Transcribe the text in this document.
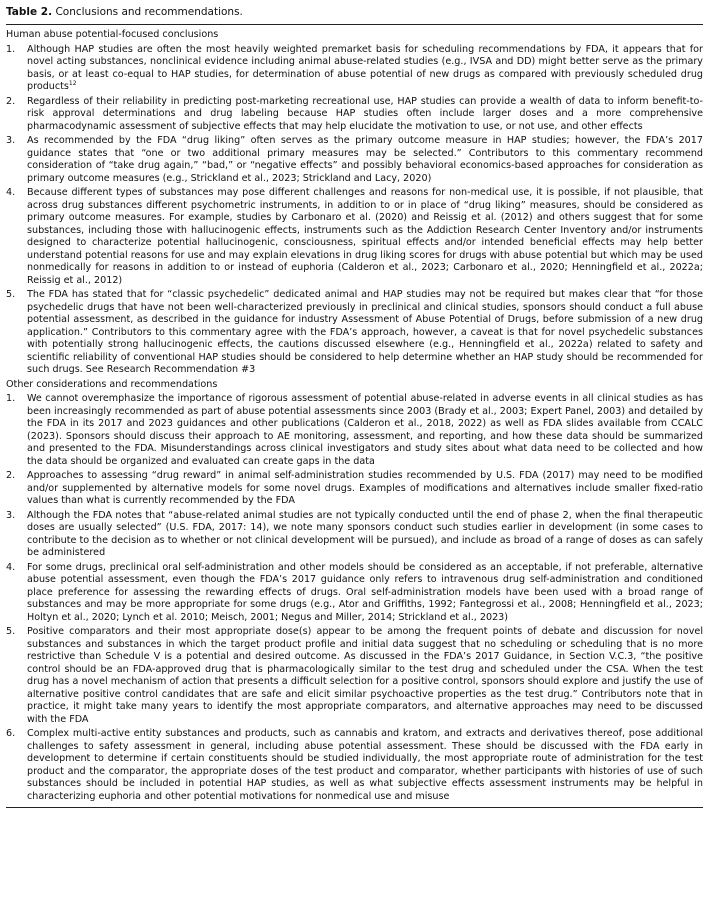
Table 2. Conclusions and recommendations.
Human abuse potential-focused conclusions
1.	Although HAP studies are often the most heavily weighted premarket basis for scheduling recommendations by FDA, it appears that for novel acting substances, nonclinical evidence including animal abuse-related studies (e.g., IVSA and DD) might better serve as the primary basis, or at least co-equal to HAP studies, for determination of abuse potential of new drugs as compared with previously scheduled drug products$^{12}$
2.	Regardless of their reliability in predicting post-marketing recreational use, HAP studies can provide a wealth of data to inform benefit-to-risk approval determinations and drug labeling because HAP studies often include larger doses and a more comprehensive pharmacodynamic assessment of subjective effects that may help elucidate the motivation to use, or not use, and other effects
3.	As recommended by the FDA “drug liking” often serves as the primary outcome measure in HAP studies; however, the FDA’s 2017 guidance states that “one or two additional primary measures may be selected.” Contributors to this commentary recommend consideration of “take drug again,” “bad,” or “negative effects” and possibly behavioral economics-based approaches for consideration as primary outcome measures (e.g., Strickland et al., 2023; Strickland and Lacy, 2020)
4.	Because different types of substances may pose different challenges and reasons for non-medical use, it is possible, if not plausible, that across drug substances different psychometric instruments, in addition to or in place of “drug liking” measures, should be considered as primary outcome measures. For example, studies by Carbonaro et al. (2020) and Reissig et al. (2012) and others suggest that for some substances, including those with hallucinogenic effects, instruments such as the Addiction Research Center Inventory and/or instruments designed to characterize potential hallucinogenic, consciousness, spiritual effects and/or intended beneficial effects may help better understand potential reasons for use and may explain elevations in drug liking scores for drugs with abuse potential but which may be used nonmedically for reasons in addition to or instead of euphoria (Calderon et al., 2023; Carbonaro et al., 2020; Henningfield et al., 2022a; Reissig et al., 2012)
5.	The FDA has stated that for “classic psychedelic” dedicated animal and HAP studies may not be required but makes clear that “for those psychedelic drugs that have not been well-characterized previously in preclinical and clinical studies, sponsors should conduct a full abuse potential assessment, as described in the guidance for industry Assessment of Abuse Potential of Drugs, before submission of a new drug application.” Contributors to this commentary agree with the FDA’s approach, however, a caveat is that for novel psychedelic substances with potentially strong hallucinogenic effects, the cautions discussed elsewhere (e.g., Henningfield et al., 2022a) related to safety and scientific reliability of conventional HAP studies should be considered to help determine whether an HAP study should be recommended for such drugs. See Research Recommendation #3
Other considerations and recommendations
1.	We cannot overemphasize the importance of rigorous assessment of potential abuse-related in adverse events in all clinical studies as has been increasingly recommended as part of abuse potential assessments since 2003 (Brady et al., 2003; Expert Panel, 2003) and detailed by the FDA in its 2017 and 2023 guidances and other publications (Calderon et al., 2018, 2022) as well as FDA slides available from CCALC (2023). Sponsors should discuss their approach to AE monitoring, assessment, and reporting, and how these data should be summarized and presented to the FDA. Misunderstandings across clinical investigators and study sites about what data need to be collected and how the data should be organized and evaluated can create gaps in the data
2.	Approaches to assessing “drug reward” in animal self-administration studies recommended by U.S. FDA (2017) may need to be modified and/or supplemented by alternative models for some novel drugs. Examples of modifications and alternatives include smaller fixed-ratio values than what is currently recommended by the FDA
3.	Although the FDA notes that “abuse-related animal studies are not typically conducted until the end of phase 2, when the final therapeutic doses are usually selected” (U.S. FDA, 2017: 14), we note many sponsors conduct such studies earlier in development (in some cases to contribute to the decision as to whether or not clinical development will be pursued), and include as broad of a range of doses as can safely be administered
4.	For some drugs, preclinical oral self-administration and other models should be considered as an acceptable, if not preferable, alternative abuse potential assessment, even though the FDA’s 2017 guidance only refers to intravenous drug self-administration and conditioned place preference for assessing the rewarding effects of drugs. Oral self-administration models have been used with a broad range of substances and may be more appropriate for some drugs (e.g., Ator and Griffiths, 1992; Fantegrossi et al., 2008; Henningfield et al., 2023; Holtyn et al., 2020; Lynch et al. 2010; Meisch, 2001; Negus and Miller, 2014; Strickland et al., 2023)
5.	Positive comparators and their most appropriate dose(s) appear to be among the frequent points of debate and discussion for novel substances and substances in which the target product profile and initial data suggest that no scheduling or scheduling that is no more restrictive than Schedule V is a potential and desired outcome. As discussed in the FDA’s 2017 Guidance, in Section V.C.3, “the positive control should be an FDA-approved drug that is pharmacologically similar to the test drug and scheduled under the CSA. When the test drug has a novel mechanism of action that presents a difficult selection for a positive control, sponsors should explore and justify the use of alternative positive control candidates that are safe and elicit similar psychoactive properties as the test drug.” Contributors note that in practice, it might take many years to identify the most appropriate comparators, and alternative approaches may need to be discussed with the FDA
6.	Complex multi-active entity substances and products, such as cannabis and kratom, and extracts and derivatives thereof, pose additional challenges to safety assessment in general, including abuse potential assessment. These should be discussed with the FDA early in development to determine if certain constituents should be studied individually, the most appropriate route of administration for the test product and the comparator, the appropriate doses of the test product and comparator, whether participants with histories of use of such substances should be included in potential HAP studies, as well as what subjective effects assessment instruments may be helpful in characterizing euphoria and other potential motivations for nonmedical use and misuse
